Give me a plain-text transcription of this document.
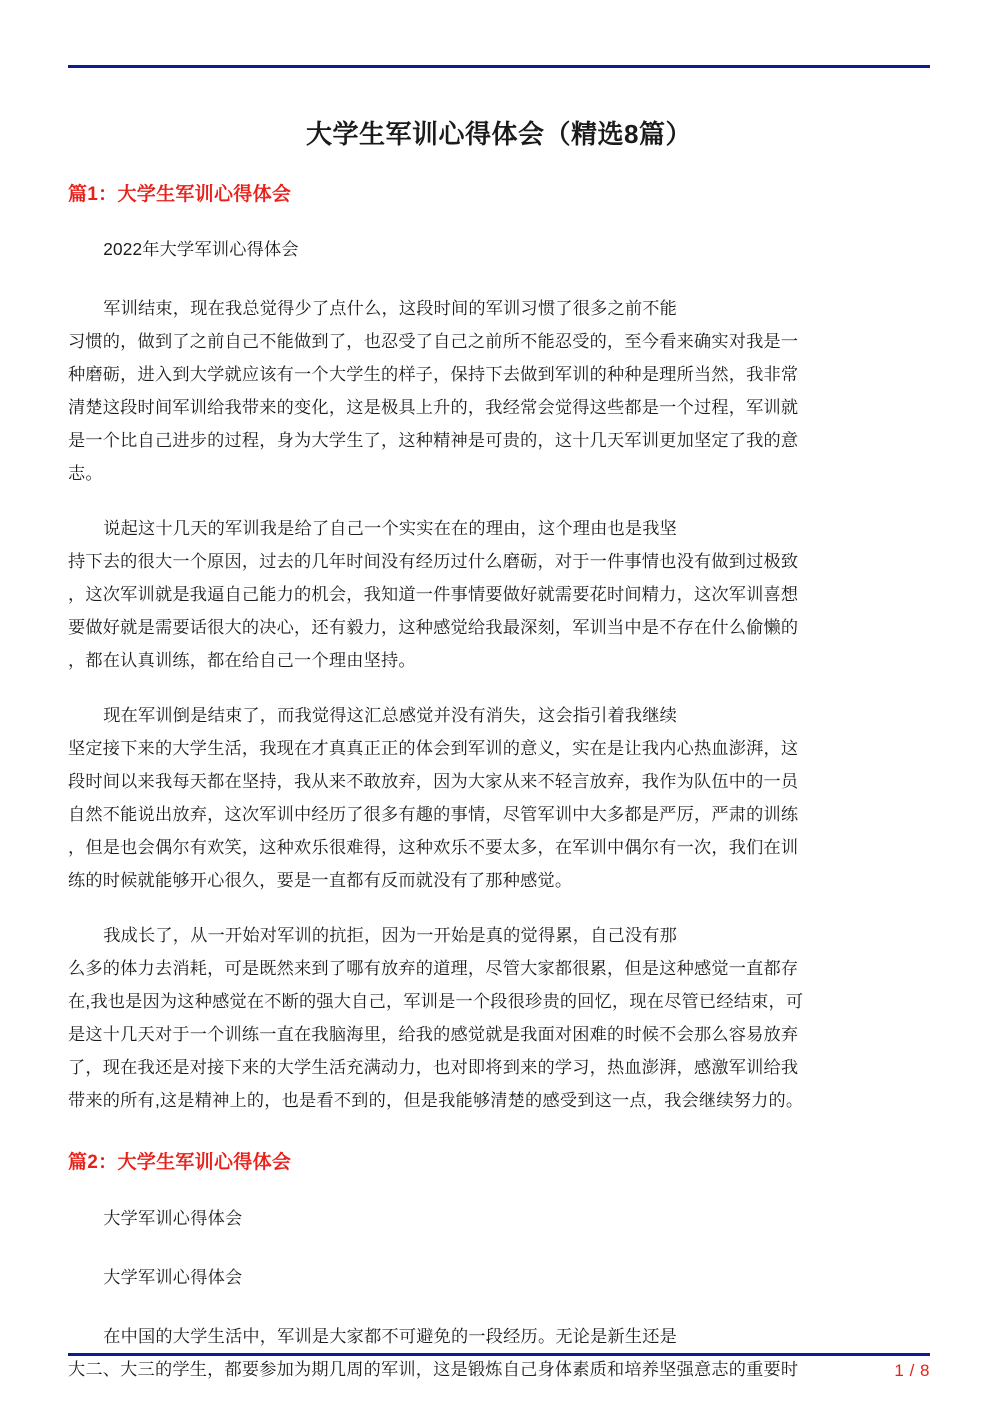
大学生军训心得体会（精选8篇）
篇1：大学生军训心得体会

2022年大学军训心得体会

军训结束，现在我总觉得少了点什么，这段时间的军训习惯了很多之前不能
习惯的，做到了之前自己不能做到了，也忍受了自己之前所不能忍受的，至今看来确实对我是一
种磨砺，进入到大学就应该有一个大学生的样子，保持下去做到军训的种种是理所当然，我非常
清楚这段时间军训给我带来的变化，这是极具上升的，我经常会觉得这些都是一个过程，军训就
是一个比自己进步的过程，身为大学生了，这种精神是可贵的，这十几天军训更加坚定了我的意
志。

说起这十几天的军训我是给了自己一个实实在在的理由，这个理由也是我坚
持下去的很大一个原因，过去的几年时间没有经历过什么磨砺，对于一件事情也没有做到过极致
，这次军训就是我逼自己能力的机会，我知道一件事情要做好就需要花时间精力，这次军训喜想
要做好就是需要话很大的决心，还有毅力，这种感觉给我最深刻，军训当中是不存在什么偷懒的
，都在认真训练，都在给自己一个理由坚持。

现在军训倒是结束了，而我觉得这汇总感觉并没有消失，这会指引着我继续
坚定接下来的大学生活，我现在才真真正正的体会到军训的意义，实在是让我内心热血澎湃，这
段时间以来我每天都在坚持，我从来不敢放弃，因为大家从来不轻言放弃，我作为队伍中的一员
自然不能说出放弃，这次军训中经历了很多有趣的事情，尽管军训中大多都是严厉，严肃的训练
，但是也会偶尔有欢笑，这种欢乐很难得，这种欢乐不要太多，在军训中偶尔有一次，我们在训
练的时候就能够开心很久，要是一直都有反而就没有了那种感觉。

我成长了，从一开始对军训的抗拒，因为一开始是真的觉得累，自己没有那
么多的体力去消耗，可是既然来到了哪有放弃的道理，尽管大家都很累，但是这种感觉一直都存
在,我也是因为这种感觉在不断的强大自己，军训是一个段很珍贵的回忆，现在尽管已经结束，可
是这十几天对于一个训练一直在我脑海里，给我的感觉就是我面对困难的时候不会那么容易放弃
了，现在我还是对接下来的大学生活充满动力，也对即将到来的学习，热血澎湃，感激军训给我
带来的所有,这是精神上的，也是看不到的，但是我能够清楚的感受到这一点，我会继续努力的。

篇2：大学生军训心得体会

大学军训心得体会

大学军训心得体会

在中国的大学生活中，军训是大家都不可避免的一段经历。无论是新生还是
大二、大三的学生，都要参加为期几周的军训，这是锻炼自己身体素质和培养坚强意志的重要时	1 / 8
